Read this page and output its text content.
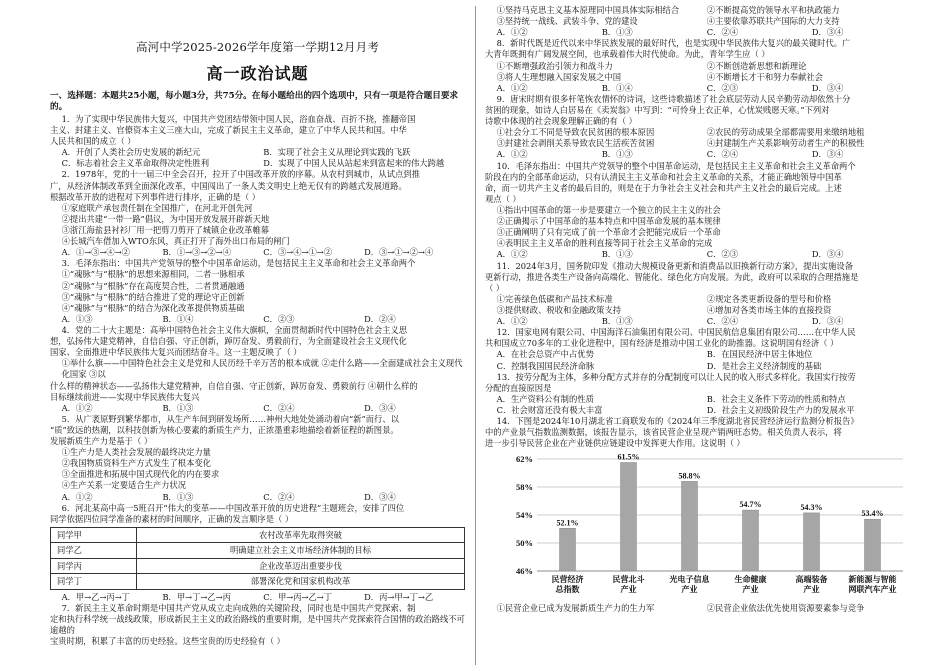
高河中学2025-2026学年度第一学期12月月考
高一政治试题
一、选择题：本题共25小题，每小题3分，共75分。在每小题给出的四个选项中，只有一项是符合题目要求的。

1．为了实现中华民族伟大复兴，中国共产党团结带领中国人民，浴血奋战、百折不挠，推翻帝国

主义、封建主义、官僚资本主义三座大山，完成了新民主主义革命，建立了中华人民共和国。中华

人民共和国的成立（ ）

A．开创了人类社会历史发展的新纪元	B．实现了社会主义从理论到实践的飞跃
C．标志着社会主义革命取得决定性胜利	D．实现了中国人民从站起来到富起来的伟大跨越

2．1978年，党的十一届三中全会召开，拉开了中国改革开放的序幕。从农村到城市，从试点到推

广，从经济体制改革到全面深化改革，中国闯出了一条人类文明史上绝无仅有的跨越式发展道路。

根据改革开放的进程对下列事件进行排序，正确的是（ ）

①家庭联产承包责任制在全国推广，在河北开创先河

②提出共建“一带一路”倡议，为中国开放发展开辟新天地

③浙江海盐县衬衫厂用一把剪刀剪开了城镇企业改革帷幕

④长城汽车借加入WTO东风，真正打开了海外出口布局的闸门

A．①→③→④→②	B．①→③→②→④	C．③→④→①→②	D．③→①→②→④

3．毛泽东指出：中国共产党领导的整个中国革命运动，是包括民主主义革命和社会主义革命两个

①“魂脉”与“根脉”的思想来源相同，二者一脉相承

②“魂脉”与“根脉”存在高度契合性，二者贯通融通

③“魂脉”与“根脉”的结合推进了党的理论守正创新

④“魂脉”与“根脉”的结合为深化改革提供物质基础

A．①③	B．①④	C．②③	D．②④

4．党的二十大主题是：高举中国特色社会主义伟大旗帜，全面贯彻新时代中国特色社会主义思

想，弘扬伟大建党精神，自信自强、守正创新，踔厉奋发、勇毅前行，为全面建设社会主义现代化

国家、全面推进中华民族伟大复兴而团结奋斗。这一主题反映了（ ）

①举什么旗——中国特色社会主义是党和人民历经千辛万苦的根本成就 ②走什么路——全面建成社会主义现代化国家 ③以

什么样的精神状态——弘扬伟大建党精神，自信自强、守正创新，踔厉奋发、勇毅前行 ④朝什么样的

目标继续前进——实现中华民族伟大复兴

A．①②	B．①③	C．②④	D．③④

5．从广袤原野到繁华都市，从生产车间到研发场所……神州大地处处涌动着向“新”而行、以

“质”致远的热潮，以科技创新为核心要素的新质生产力，正浓墨重彩地描绘着新征程的新图景。

发展新质生产力是基于（ ）

①生产力是人类社会发展的最终决定力量

②我国物质资料生产方式发生了根本变化

③全面推进和拓展中国式现代化的内在要求

④生产关系一定要适合生产力状况

A．①②	B．①③	C．②④	D．③④

6．河北某高中高一5班召开“伟大的变革——中国改革开放的历史进程”主题班会，安排了四位

同学依据四位同学准备的素材的时间顺序，正确的发言顺序是（ ）

同学甲	农村改革率先取得突破
同学乙	明确建立社会主义市场经济体制的目标
同学丙	企业改革迈出重要步伐
同学丁	部署深化党和国家机构改革
A．甲→乙→丙→丁	B．甲→丁→乙→丙	C．甲→丙→乙→丁	D．丙→甲→丁→乙

7．新民主主义革命时期是中国共产党从成立走向成熟的关键阶段，同时也是中国共产党探索、制

定和执行科学统一战线政策，形成新民主主义的政治路线的重要时期，是中国共产党探索符合国情的政治路线不可逾越的

宝贵时期，积累了丰富的历史经验。这些宝贵的历史经验有（ ）

①坚持马克思主义基本原理同中国具体实际相结合	②不断提高党的领导水平和执政能力
③坚持统一战线、武装斗争、党的建设	④主要依靠苏联共产国际的大力支持
A．①②	B．①③	C．②④	D．③④

8．新时代既是近代以来中华民族发展的最好时代，也是实现中华民族伟大复兴的最关键时代。广

大青年既拥有广阔发展空间，也承载着伟大时代使命。为此，青年学生应（ ）

①不断增强政治引领力和战斗力	②不断创造新思想和新理论
③将人生理想融入国家发展之中国	④不断增长才干和努力奉献社会
A．①②	B．①④	C．②③	D．③④

9．唐宋时期有很多杆笔恢农情怀的诗词，这些诗歌描述了社会底层劳动人民辛勤劳动却依然十分

贫困的现象，如诗人白居易在《卖炭翁》中写到：“可怜身上衣正单，心忧炭贱愿天寒。”下列对

诗歌中体现的社会现象理解正确的有（ ）

①社会分工不同是导致农民贫困的根本原因	②农民的劳动成果全部都需要用来缴纳地租
③封建社会剥削关系导致农民生活疾苦贫困	④封建制生产关系影响劳动者生产的积极性
A．①②	B．①③	C．②④	D．③④

10．毛泽东指出：中国共产党领导的整个中国革命运动，是包括民主主义革命和社会主义革命两个

阶段在内的全部革命运动，只有认清民主主义革命和社会主义革命的关系，才能正确地领导中国革

命，而一切共产主义者的最后目的，则是在于力争社会主义社会和共产主义社会的最后完成。上述

观点（ ）

①指出中国革命的第一步是要建立一个独立的民主主义的社会

②正确揭示了中国革命的基本特点和中国革命发展的基本规律

③正确阐明了只有完成了前一个革命才会把能完成后一个革命

④表明民主主义革命的胜利直接等同于社会主义革命的完成

A．①②	B．①③	C．②③	D．③④

11．2024年3月，国务院印发《推动大规模设备更新和消费品以旧换新行动方案》，提出实施设备

更新行动，推进各类生产设备向高端化、智能化、绿色化方向发展。为此，政府可以采取的合理措施是

（ ）

①完善绿色低碳和产品技术标准	②规定各类更新设备的型号和价格
③提供财政、税收和金融政策支持	④增加对各类市场主体的直接投资
A．①②	B．①③	C．②④	D．③④

12．国家电网有限公司、中国海洋石油集团有限公司、中国民航信息集团有限公司……在中华人民

共和国成立70多年的工业化进程中，国有经济是推动中国工业化的助推器。这说明国有经济（ ）

A．在社会总资产中占优势	B．在国民经济中居主体地位
C．控制我国国民经济命脉	D．是社会主义经济制度的基础

13．按劳分配为主体，多种分配方式并存的分配制度可以让人民的收入形式多样化。我国实行按劳

分配的直接原因是

A．生产资料公有制的性质	B．社会主义条件下劳动的性质和特点
C．社会财富还没有极大丰富	D．社会主义初级阶段生产力的发展水平

14．下图是2024年10月湖北省工商联发布的《2024年三季度湖北省民营经济运行监测分析报告》

中的产业景气指数监测数据，该报告显示，该省民营企业呈现产销两旺态势。相关负责人表示，将

进一步引导民营企业在产业链供应链建设中发挥更大作用。这说明（ ）

46%
50%
54%
58%
62%
52.1%
民营经济
总指数
61.5%
民营北斗
产业
58.8%
光电子信息
产业
54.7%
生命健康
产业
54.3%
高端装备
产业
53.4%
新能源与智能
网联汽车产业
①民营企业已成为发展新质生产力的生力军	②民营企业依法优先使用资源要素参与竞争
